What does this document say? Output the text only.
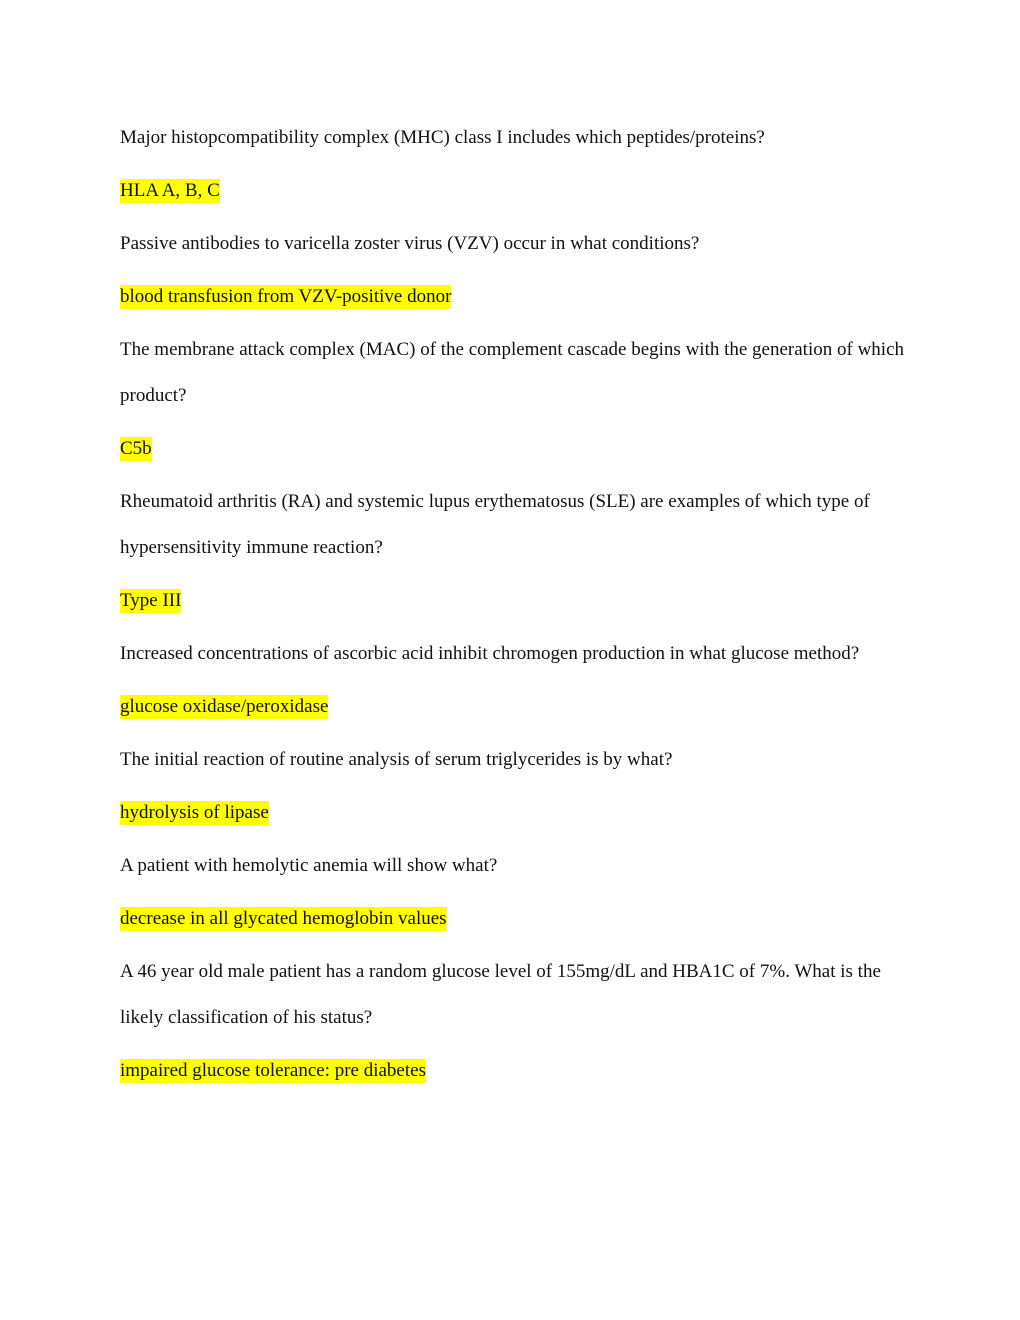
Major histopcompatibility complex (MHC) class I includes which peptides/proteins?

HLA A, B, C

Passive antibodies to varicella zoster virus (VZV) occur in what conditions?

blood transfusion from VZV-positive donor

The membrane attack complex (MAC) of the complement cascade begins with the generation of which product?

C5b

Rheumatoid arthritis (RA) and systemic lupus erythematosus (SLE) are examples of which type of hypersensitivity immune reaction?

Type III

Increased concentrations of ascorbic acid inhibit chromogen production in what glucose method?

glucose oxidase/peroxidase

The initial reaction of routine analysis of serum triglycerides is by what?

hydrolysis of lipase

A patient with hemolytic anemia will show what?

decrease in all glycated hemoglobin values

A 46 year old male patient has a random glucose level of 155mg/dL and HBA1C of 7%. What is the likely classification of his status?

impaired glucose tolerance: pre diabetes
